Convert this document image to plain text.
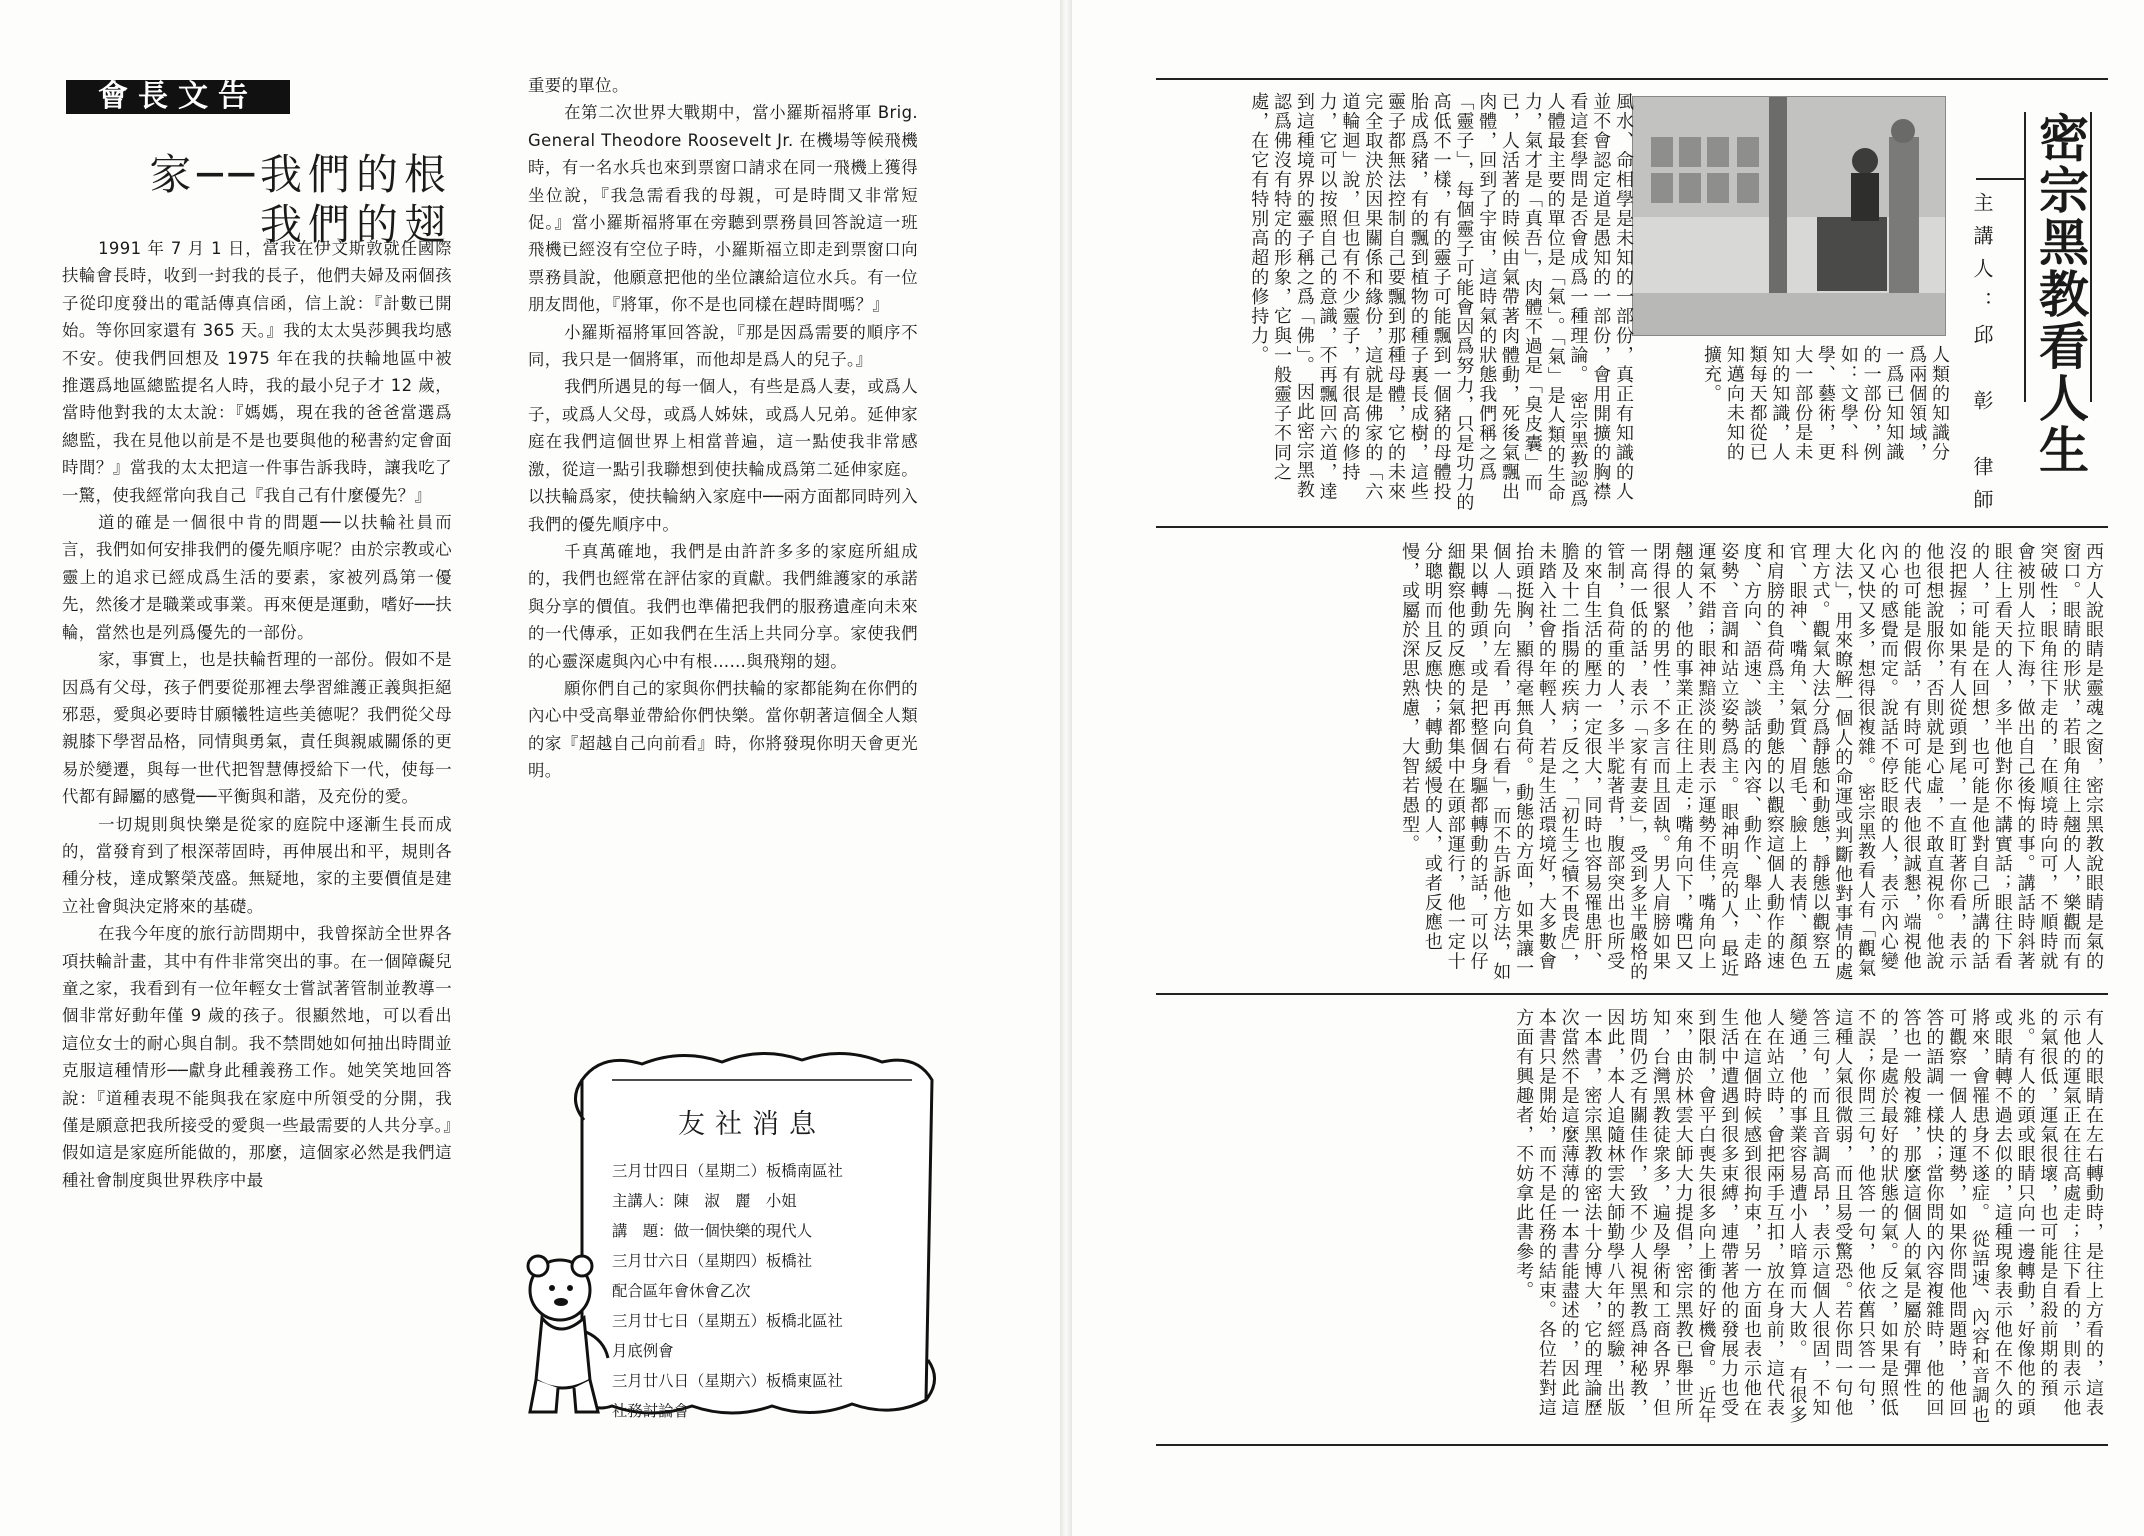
會長文告
家──我們的根
我們的翅

1991 年 7 月 1 日，當我在伊文斯敦就任國際扶輪會長時，收到一封我的長子，他們夫婦及兩個孩子從印度發出的電話傳真信函，信上說：『計數已開始。等你回家還有 365 天。』我的太太吳莎興我均感不安。使我們回想及 1975 年在我的扶輪地區中被推選爲地區總監提名人時，我的最小兒子才 12 歲，當時他對我的太太說：『媽媽，現在我的爸爸當選爲總監，我在見他以前是不是也要與他的秘書約定會面時間？』當我的太太把這一件事告訴我時，讓我吃了一驚，使我經常向我自己『我自己有什麼優先？』

道的確是一個很中肯的問題──以扶輪社員而言，我們如何安排我們的優先順序呢？由於宗教或心靈上的追求已經成爲生活的要素，家被列爲第一優先，然後才是職業或事業。再來便是運動，嗜好──扶輪，當然也是列爲優先的一部份。

家，事實上，也是扶輪哲理的一部份。假如不是因爲有父母，孩子們要從那裡去學習維護正義與拒絕邪惡，愛與必要時甘願犧牲這些美德呢？我們從父母親膝下學習品格，同情與勇氣，責任與親戚關係的更易於變遷，與每一世代把智慧傳授給下一代，使每一代都有歸屬的感覺──平衡與和諧，及充份的愛。

一切規則與快樂是從家的庭院中逐漸生長而成的，當發育到了根深蒂固時，再伸展出和平，規則各種分枝，達成繁榮茂盛。無疑地，家的主要價值是建立社會與決定將來的基礎。

在我今年度的旅行訪問期中，我曾探訪全世界各項扶輪計畫，其中有件非常突出的事。在一個障礙兒童之家，我看到有一位年輕女士嘗試著管制並教導一個非常好動年僅 9 歲的孩子。很顯然地，可以看出這位女士的耐心與自制。我不禁問她如何抽出時間並克服這種情形──獻身此種義務工作。她笑笑地回答說：『道種表現不能與我在家庭中所領受的分開，我僅是願意把我所接受的愛與一些最需要的人共分享。』假如這是家庭所能做的，那麼，這個家必然是我們這種社會制度與世界秩序中最

重要的單位。

在第二次世界大戰期中，當小羅斯福將軍 Brig. General Theodore Roosevelt Jr. 在機場等候飛機時，有一名水兵也來到票窗口請求在同一飛機上獲得坐位說，『我急需看我的母親，可是時間又非常短促。』當小羅斯福將軍在旁聽到票務員回答說這一班飛機已經沒有空位子時，小羅斯福立即走到票窗口向票務員說，他願意把他的坐位讓給這位水兵。有一位朋友問他，『將軍，你不是也同樣在趕時間嗎？』

小羅斯福將軍回答說，『那是因爲需要的順序不同，我只是一個將軍，而他却是爲人的兒子。』

我們所遇見的每一個人，有些是爲人妻，或爲人子，或爲人父母，或爲人姊妹，或爲人兄弟。延伸家庭在我們這個世界上相當普遍，這一點使我非常感激，從這一點引我聯想到使扶輪成爲第二延伸家庭。以扶輪爲家，使扶輪納入家庭中──兩方面都同時列入我們的優先順序中。

千真萬確地，我們是由許許多多的家庭所組成的，我們也經常在評估家的貢獻。我們維護家的承諾與分享的價值。我們也準備把我們的服務遺產向未來的一代傳承，正如我們在生活上共同分享。家使我們的心靈深處與內心中有根……與飛翔的翅。

願你們自己的家與你們扶輪的家都能夠在你們的內心中受高舉並帶給你們快樂。當你朝著這個全人類的家『超越自己向前看』時，你將發現你明天會更光明。

友社消息
三月廿四日（星期二）板橋南區社
主講人：陳　淑　麗　小姐
講　題：做一個快樂的現代人
三月廿六日（星期四）板橋社
配合區年會休會乙次
三月廿七日（星期五）板橋北區社
月底例會
三月廿八日（星期六）板橋東區社
社務討論會
密宗黑教看人生
主講人：邱　彰　律師
人類的知識分爲兩個領域，一爲已知知識的一部份，例如：文學、科學、藝術，更大一部份是未知的知識，人類每天都從已知邁向未知的擴充。
風水、命相學是未知的一部份，真正有知識的人並不會認定道是愚知的一部份，會用開擴的胸襟看這套學問是否會成爲一種理論。 密宗黑教認爲人體最主要的單位是「氣」。「氣」是人類的生命力，氣才是「真吾」，肉體不過是「臭皮囊」而已，人活著的時候由氣帶著肉體動，死後氣飄出肉體，回到了宇宙，這時氣的狀態我們稱之爲「靈子」，每個靈子可能會因爲努力，只是功力的高低不一樣，有的靈子可能飄到一個豬的母體投胎成爲豬，有的飄到植物的種子裏長成樹，這些靈子都無法控制自己要飄到那種母體，它的未來完全取決於因果關係和緣份，這就是佛家的「六道輪迴」說，但也有不少靈子，有很高的修持力，它可以按照自己的意識，不再飄回六道，達到這種境界的靈子稱之爲「佛」。 因此密宗黑教認爲佛沒有特定的形象，它與一般靈子不同之處，在它有特別高超的修持力。
西方人說眼睛是靈魂之窗，密宗黑教說眼睛是氣的窗口。眼睛的形狀，若眼角往上翹的人，樂觀而有突破性；眼角往下走的，在順境時向可，不順時就會被別人拉下海，做出自己後悔的事。講話時斜著眼往上看天的人，多半他對你不講實話；眼往下看的人，可能是在回想，也可能是他對自己所講的話沒把握；如果有人從頭到尾，一直盯著你看，表示他很想說服你，否則就是心虛，不敢直視你。他說的也可能是假話，有時可能代表他很誠懇，端視他內心的感覺而定。說話不停眨眼的人，表示內心變化又快又多，想得很複雜。 密宗黑教看人有「觀氣大法」，用來瞭解一個人的命運或判斷他對事情的處理方式。觀氣大法分爲靜態和動態，靜態以觀察五官、眼神、嘴角、氣質、眉毛、臉上的表情、顏色和肩膀的負荷爲主，動態的以觀察這個人動作的速度、方向、語速、談話的內容、動作、舉止、走路姿勢、音調和站立姿勢爲主。 眼神明亮的人，最近運氣不錯；眼神黯淡的則表示運勢不佳，嘴角向上翹的人，他的事業正在往上走；嘴角向下，嘴巴又閉得很緊的男性，不多言而且固執。男人肩膀如果一高一低的話，表示「家有妻妾」，受到多半嚴格的管制，負荷重的人，多半駝著背，腹部突出也所受的來自生活的壓力一定很大，同時也容易罹患肝、膽及十二指腸的疾病；反之，「初生之犢不畏虎」，未踏入社會的年輕人，若是生活環境好，大多數會抬頭挺胸，顯得毫無負荷。 動態的方面，如果讓一個人「先向左看，再向右看」，而不告訴他方法，如果以轉動頭，或是把整個身驅都轉動的話，可以仔細觀察他的反應的氣都集中在頭部運行，他一定十分聰明而且反應快；轉動緩慢的人，或者反應也慢，或屬於深思熟慮，大智若愚型。
有人的眼睛在左右轉動時，是往上方看的，這表示他的運氣正在往高處走；往下看的，則表示他的氣很低，運氣很壞，也可能是自殺前期的預兆。有人的頭或眼睛只向一邊轉動，好像他的頭或眼睛轉不過去似的，這種現象表示他在不久的將來，會罹患身不遂症。 從語速、內容和音調也可觀察一個人的運勢，如果你問他問題時，他回答的語調一樣快；當你問的內容複雜時，他的回答也一般複雜，那麼這個人的氣是屬於有彈性的，是處於最好的狀態的氣。反之，如果是照低不誤；你問三句，他答一句，他依舊只答一句，這種人氣很微弱，而且易受驚恐。若你問一句他答三句，而且音調高昂，表示這個人很固，不知變通，他的事業容易遭小人暗算而大敗。 有很多人在站立時，會把兩手互扣，放在身前，這代表他在這個時候感到很拘束，另一方面也表示他在生活中遭遇到很多束縛，連帶著他的發展力也受到限制，會平白喪失很多向上衝的好機會。 近年來，由於林雲大師大力提倡，密宗黑教已舉世所知，台灣黑教徒衆多，遍及學術和工商各界，但坊間仍乏有關佳作，致不少人視黑教爲神秘教，因此，本人追隨林雲大師勤學八年的經驗，出版一本書，密宗黑教的密法十分博大，它的理論歷次當然不是這麼薄薄的一本書能盡述的，因此這本書只是開始，而不是任務的結束。各位若對這方面有興趣者，不妨拿此書參考。
